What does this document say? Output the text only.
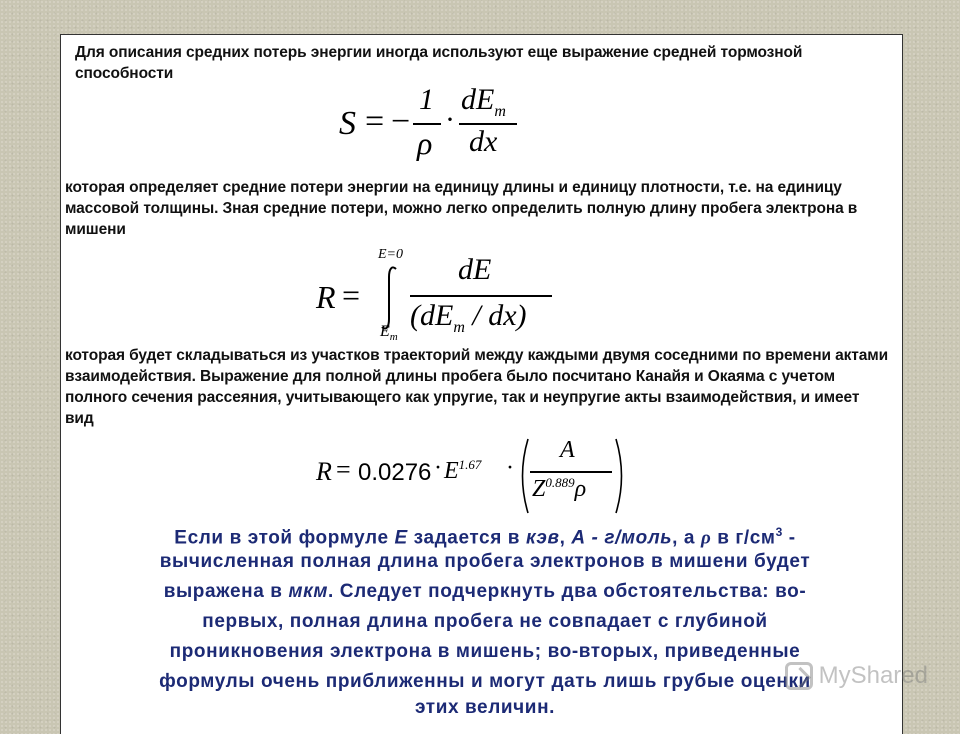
Для описания средних потерь энергии иногда используют еще выражение средней тормозной способности
S = −
1
ρ
·
$dE_m$
dx
которая определяет средние потери энергии на единицу длины и единицу плотности, т.е. на единицу массовой толщины. Зная средние потери, можно легко определить полную длину пробега электрона в мишени
R =
E=0
$E_m$
dE
$(dE_m / dx)$
которая будет складываться из участков траекторий между каждыми двумя соседними по времени актами взаимодействия. Выражение для полной длины пробега было посчитано Канайя и Окаяма с учетом полного сечения рассеяния, учитывающего как упругие, так и неупругие акты взаимодействия, и имеет вид
$R = 0.0276 \cdot E^{1.67}$ ·
A
$Z^{0.889}\rho$
Если в этой формуле Е задается в кэв, А - г/моль, а ρ в $г/см^3$ -
вычисленная полная длина пробега электронов в мишени будет
выражена в мкм. Следует подчеркнуть два обстоятельства: во-
первых, полная длина пробега не совпадает с глубиной
проникновения электрона в мишень; во-вторых, приведенные
формулы очень приближенны и могут дать лишь грубые оценки
этих величин.
MyShared
